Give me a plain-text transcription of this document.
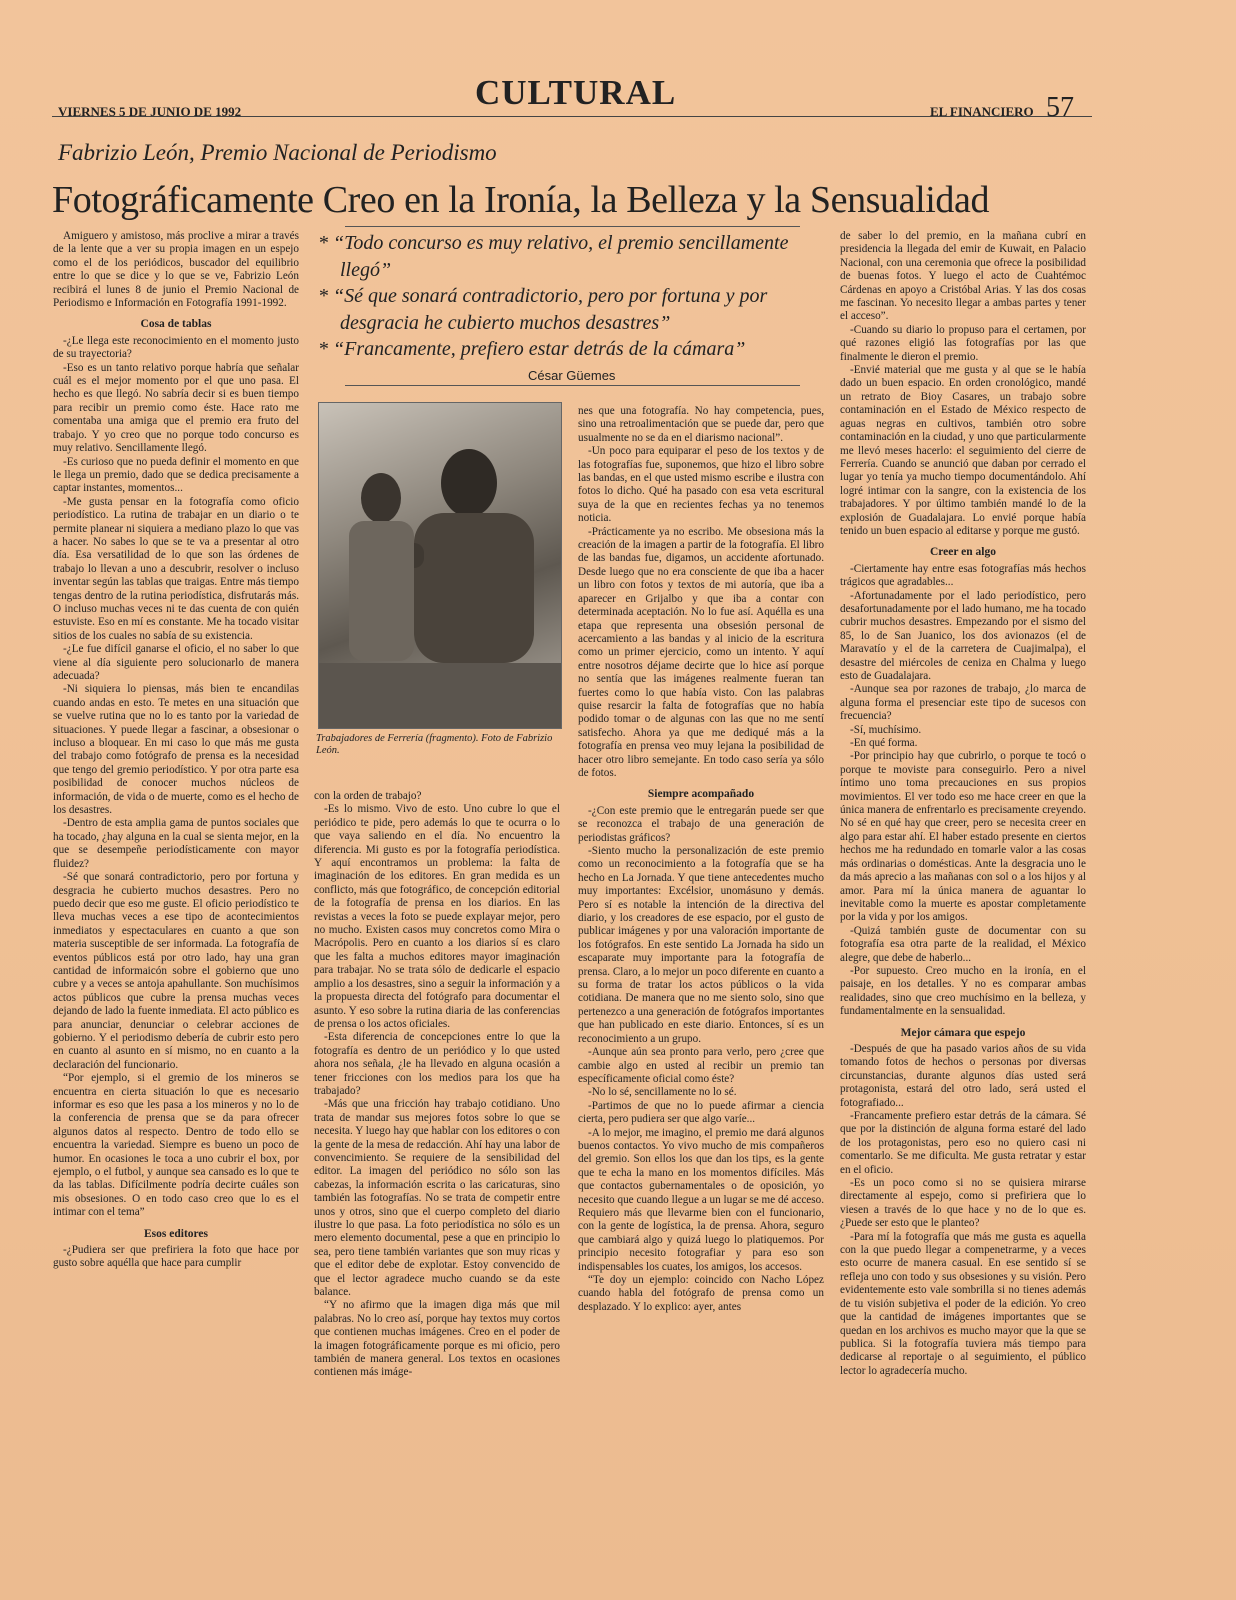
CULTURAL
VIERNES 5 DE JUNIO DE 1992	EL FINANCIERO 57
Fabrizio León, Premio Nacional de Periodismo
Fotográficamente Creo en la Ironía, la Belleza y la Sensualidad
* “Todo concurso es muy relativo, el premio sencillamente llegó”
* “Sé que sonará contradictorio, pero por fortuna y por desgracia he cubierto muchos desastres”
* “Francamente, prefiero estar detrás de la cámara”
César Güemes
Trabajadores de Ferrería (fragmento). Foto de Fabrizio León.

Amiguero y amistoso, más proclive a mirar a través de la lente que a ver su propia imagen en un espejo como el de los periódicos, buscador del equilibrio entre lo que se dice y lo que se ve, Fabrizio León recibirá el lunes 8 de junio el Premio Nacional de Periodismo e Información en Fotografía 1991-1992.

Cosa de tablas

-¿Le llega este reconocimiento en el momento justo de su trayectoria?

-Eso es un tanto relativo porque habría que señalar cuál es el mejor momento por el que uno pasa. El hecho es que llegó. No sabría decir si es buen tiempo para recibir un premio como éste. Hace rato me comentaba una amiga que el premio era fruto del trabajo. Y yo creo que no porque todo concurso es muy relativo. Sencillamente llegó.

-Es curioso que no pueda definir el momento en que le llega un premio, dado que se dedica precisamente a captar instantes, momentos...

-Me gusta pensar en la fotografía como oficio periodístico. La rutina de trabajar en un diario o te permite planear ni siquiera a mediano plazo lo que vas a hacer. No sabes lo que se te va a presentar al otro día. Esa versatilidad de lo que son las órdenes de trabajo lo llevan a uno a descubrir, resolver o incluso inventar según las tablas que traigas. Entre más tiempo tengas dentro de la rutina periodística, disfrutarás más. O incluso muchas veces ni te das cuenta de con quién estuviste. Eso en mí es constante. Me ha tocado visitar sitios de los cuales no sabía de su existencia.

-¿Le fue difícil ganarse el oficio, el no saber lo que viene al día siguiente pero solucionarlo de manera adecuada?

-Ni siquiera lo piensas, más bien te encandilas cuando andas en esto. Te metes en una situación que se vuelve rutina que no lo es tanto por la variedad de situaciones. Y puede llegar a fascinar, a obsesionar o incluso a bloquear. En mi caso lo que más me gusta del trabajo como fotógrafo de prensa es la necesidad que tengo del gremio periodístico. Y por otra parte esa posibilidad de conocer muchos núcleos de información, de vida o de muerte, como es el hecho de los desastres.

-Dentro de esta amplia gama de puntos sociales que ha tocado, ¿hay alguna en la cual se sienta mejor, en la que se desempeñe periodísticamente con mayor fluidez?

-Sé que sonará contradictorio, pero por fortuna y desgracia he cubierto muchos desastres. Pero no puedo decir que eso me guste. El oficio periodístico te lleva muchas veces a ese tipo de acontecimientos inmediatos y espectaculares en cuanto a que son materia susceptible de ser informada. La fotografía de eventos públicos está por otro lado, hay una gran cantidad de informaicón sobre el gobierno que uno cubre y a veces se antoja apahullante. Son muchísimos actos públicos que cubre la prensa muchas veces dejando de lado la fuente inmediata. El acto público es para anunciar, denunciar o celebrar acciones de gobierno. Y el periodismo debería de cubrir esto pero en cuanto al asunto en sí mismo, no en cuanto a la declaración del funcionario.

“Por ejemplo, si el gremio de los mineros se encuentra en cierta situación lo que es necesario informar es eso que les pasa a los mineros y no lo de la conferencia de prensa que se da para ofrecer algunos datos al respecto. Dentro de todo ello se encuentra la variedad. Siempre es bueno un poco de humor. En ocasiones le toca a uno cubrir el box, por ejemplo, o el futbol, y aunque sea cansado es lo que te da las tablas. Difícilmente podría decirte cuáles son mis obsesiones. O en todo caso creo que lo es el intimar con el tema”

Esos editores

-¿Pudiera ser que prefiriera la foto que hace por gusto sobre aquélla que hace para cumplir

con la orden de trabajo?

-Es lo mismo. Vivo de esto. Uno cubre lo que el periódico te pide, pero además lo que te ocurra o lo que vaya saliendo en el día. No encuentro la diferencia. Mi gusto es por la fotografía periodística. Y aquí encontramos un problema: la falta de imaginación de los editores. En gran medida es un conflicto, más que fotográfico, de concepción editorial de la fotografía de prensa en los diarios. En las revistas a veces la foto se puede explayar mejor, pero no mucho. Existen casos muy concretos como Mira o Macrópolis. Pero en cuanto a los diarios sí es claro que les falta a muchos editores mayor imaginación para trabajar. No se trata sólo de dedicarle el espacio amplio a los desastres, sino a seguir la información y a la propuesta directa del fotógrafo para documentar el asunto. Y eso sobre la rutina diaria de las conferencias de prensa o los actos oficiales.

-Esta diferencia de concepciones entre lo que la fotografía es dentro de un periódico y lo que usted ahora nos señala, ¿le ha llevado en alguna ocasión a tener fricciones con los medios para los que ha trabajado?

-Más que una fricción hay trabajo cotidiano. Uno trata de mandar sus mejores fotos sobre lo que se necesita. Y luego hay que hablar con los editores o con la gente de la mesa de redacción. Ahí hay una labor de convencimiento. Se requiere de la sensibilidad del editor. La imagen del periódico no sólo son las cabezas, la información escrita o las caricaturas, sino también las fotografías. No se trata de competir entre unos y otros, sino que el cuerpo completo del diario ilustre lo que pasa. La foto periodística no sólo es un mero elemento documental, pese a que en principio lo sea, pero tiene también variantes que son muy ricas y que el editor debe de explotar. Estoy convencido de que el lector agradece mucho cuando se da este balance.

“Y no afirmo que la imagen diga más que mil palabras. No lo creo así, porque hay textos muy cortos que contienen muchas imágenes. Creo en el poder de la imagen fotográficamente porque es mi oficio, pero también de manera general. Los textos en ocasiones contienen más imáge-

nes que una fotografía. No hay competencia, pues, sino una retroalimentación que se puede dar, pero que usualmente no se da en el diarismo nacional”.

-Un poco para equiparar el peso de los textos y de las fotografías fue, suponemos, que hizo el libro sobre las bandas, en el que usted mismo escribe e ilustra con fotos lo dicho. Qué ha pasado con esa veta escritural suya de la que en recientes fechas ya no tenemos noticia.

-Prácticamente ya no escribo. Me obsesiona más la creación de la imagen a partir de la fotografía. El libro de las bandas fue, digamos, un accidente afortunado. Desde luego que no era consciente de que iba a hacer un libro con fotos y textos de mi autoría, que iba a aparecer en Grijalbo y que iba a contar con determinada aceptación. No lo fue así. Aquélla es una etapa que representa una obsesión personal de acercamiento a las bandas y al inicio de la escritura como un primer ejercicio, como un intento. Y aquí entre nosotros déjame decirte que lo hice así porque no sentía que las imágenes realmente fueran tan fuertes como lo que había visto. Con las palabras quise resarcir la falta de fotografías que no había podido tomar o de algunas con las que no me sentí satisfecho. Ahora ya que me dediqué más a la fotografía en prensa veo muy lejana la posibilidad de hacer otro libro semejante. En todo caso sería ya sólo de fotos.

Siempre acompañado

-¿Con este premio que le entregarán puede ser que se reconozca el trabajo de una generación de periodistas gráficos?

-Siento mucho la personalización de este premio como un reconocimiento a la fotografía que se ha hecho en La Jornada. Y que tiene antecedentes mucho muy importantes: Excélsior, unomásuno y demás. Pero sí es notable la intención de la directiva del diario, y los creadores de ese espacio, por el gusto de publicar imágenes y por una valoración importante de los fotógrafos. En este sentido La Jornada ha sido un escaparate muy importante para la fotografía de prensa. Claro, a lo mejor un poco diferente en cuanto a su forma de tratar los actos públicos o la vida cotidiana. De manera que no me siento solo, sino que pertenezco a una generación de fotógrafos importantes que han publicado en este diario. Entonces, sí es un reconocimiento a un grupo.

-Aunque aún sea pronto para verlo, pero ¿cree que cambie algo en usted al recibir un premio tan específicamente oficial como éste?

-No lo sé, sencillamente no lo sé.

-Partimos de que no lo puede afirmar a ciencia cierta, pero pudiera ser que algo varíe...

-A lo mejor, me imagino, el premio me dará algunos buenos contactos. Yo vivo mucho de mis compañeros del gremio. Son ellos los que dan los tips, es la gente que te echa la mano en los momentos difíciles. Más que contactos gubernamentales o de oposición, yo necesito que cuando llegue a un lugar se me dé acceso. Requiero más que llevarme bien con el funcionario, con la gente de logística, la de prensa. Ahora, seguro que cambiará algo y quizá luego lo platiquemos. Por principio necesito fotografiar y para eso son indispensables los cuates, los amigos, los accesos.

“Te doy un ejemplo: coincido con Nacho López cuando habla del fotógrafo de prensa como un desplazado. Y lo explico: ayer, antes

de saber lo del premio, en la mañana cubrí en presidencia la llegada del emir de Kuwait, en Palacio Nacional, con una ceremonia que ofrece la posibilidad de buenas fotos. Y luego el acto de Cuahtémoc Cárdenas en apoyo a Cristóbal Arias. Y las dos cosas me fascinan. Yo necesito llegar a ambas partes y tener el acceso”.

-Cuando su diario lo propuso para el certamen, por qué razones eligió las fotografías por las que finalmente le dieron el premio.

-Envié material que me gusta y al que se le había dado un buen espacio. En orden cronológico, mandé un retrato de Bioy Casares, un trabajo sobre contaminación en el Estado de México respecto de aguas negras en cultivos, también otro sobre contaminación en la ciudad, y uno que particularmente me llevó meses hacerlo: el seguimiento del cierre de Ferrería. Cuando se anunció que daban por cerrado el lugar yo tenía ya mucho tiempo documentándolo. Ahí logré intimar con la sangre, con la existencia de los trabajadores. Y por último también mandé lo de la explosión de Guadalajara. Lo envié porque había tenido un buen espacio al editarse y porque me gustó.

Creer en algo

-Ciertamente hay entre esas fotografías más hechos trágicos que agradables...

-Afortunadamente por el lado periodístico, pero desafortunadamente por el lado humano, me ha tocado cubrir muchos desastres. Empezando por el sismo del 85, lo de San Juanico, los dos avionazos (el de Maravatío y el de la carretera de Cuajimalpa), el desastre del miércoles de ceniza en Chalma y luego esto de Guadalajara.

-Aunque sea por razones de trabajo, ¿lo marca de alguna forma el presenciar este tipo de sucesos con frecuencia?

-Sí, muchísimo.

-En qué forma.

-Por principio hay que cubrirlo, o porque te tocó o porque te moviste para conseguirlo. Pero a nivel íntimo uno toma precauciones en sus propios movimientos. El ver todo eso me hace creer en que la única manera de enfrentarlo es precisamente creyendo. No sé en qué hay que creer, pero se necesita creer en algo para estar ahí. El haber estado presente en ciertos hechos me ha redundado en tomarle valor a las cosas más ordinarias o domésticas. Ante la desgracia uno le da más aprecio a las mañanas con sol o a los hijos y al amor. Para mí la única manera de aguantar lo inevitable como la muerte es apostar completamente por la vida y por los amigos.

-Quizá también guste de documentar con su fotografía esa otra parte de la realidad, el México alegre, que debe de haberlo...

-Por supuesto. Creo mucho en la ironía, en el paisaje, en los detalles. Y no es comparar ambas realidades, sino que creo muchísimo en la belleza, y fundamentalmente en la sensualidad.

Mejor cámara que espejo

-Después de que ha pasado varios años de su vida tomando fotos de hechos o personas por diversas circunstancias, durante algunos días usted será protagonista, estará del otro lado, será usted el fotografiado...

-Francamente prefiero estar detrás de la cámara. Sé que por la distinción de alguna forma estaré del lado de los protagonistas, pero eso no quiero casi ni comentarlo. Se me dificulta. Me gusta retratar y estar en el oficio.

-Es un poco como si no se quisiera mirarse directamente al espejo, como si prefiriera que lo viesen a través de lo que hace y no de lo que es. ¿Puede ser esto que le planteo?

-Para mí la fotografía que más me gusta es aquella con la que puedo llegar a compenetrarme, y a veces esto ocurre de manera casual. En ese sentido sí se refleja uno con todo y sus obsesiones y su visión. Pero evidentemente esto vale sombrilla si no tienes además de tu visión subjetiva el poder de la edición. Yo creo que la cantidad de imágenes importantes que se quedan en los archivos es mucho mayor que la que se publica. Si la fotografía tuviera más tiempo para dedicarse al reportaje o al seguimiento, el público lector lo agradecería mucho.
